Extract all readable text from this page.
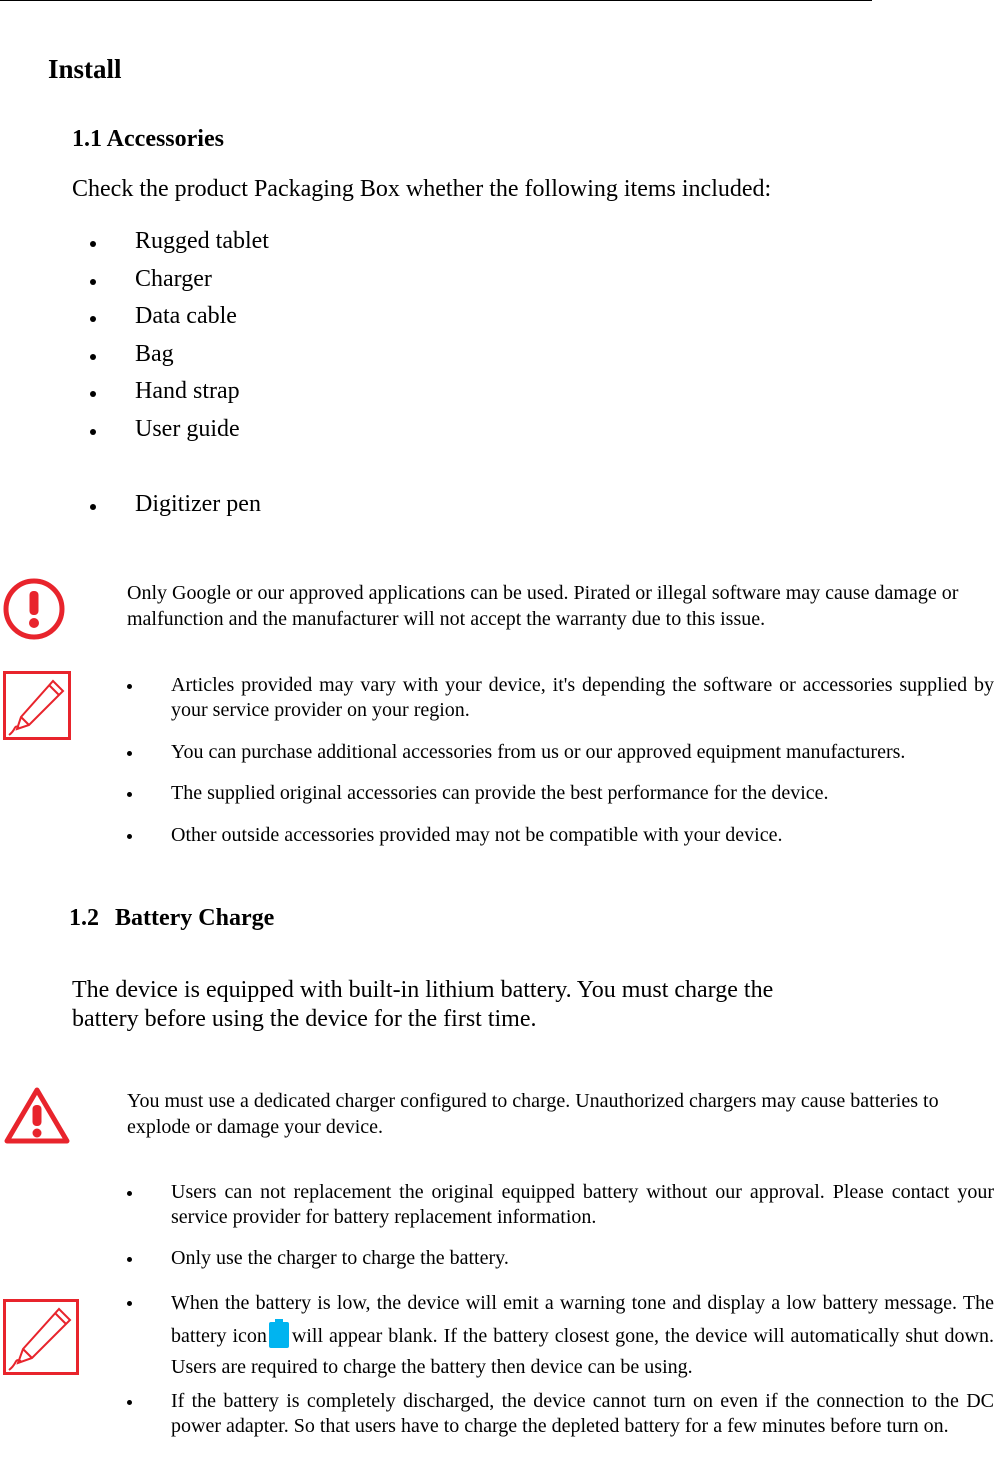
Install
1.1 Accessories
Check the product Packaging Box whether the following items included:
Rugged tablet
Charger
Data cable
Bag
Hand strap
User guide
Digitizer pen
Only Google or our approved applications can be used. Pirated or illegal software may cause damage or malfunction and the manufacturer will not accept the warranty due to this issue.
Articles provided may vary with your device, it's depending the software or accessories supplied by your service provider on your region.
You can purchase additional accessories from us or our approved equipment manufacturers.
The supplied original accessories can provide the best performance for the device.
Other outside accessories provided may not be compatible with your device.
1.2 Battery Charge
The device is equipped with built-in lithium battery. You must charge the
battery before using the device for the first time.
You must use a dedicated charger configured to charge. Unauthorized chargers may cause batteries to explode or damage your device.
Users can not replacement the original equipped battery without our approval. Please contact your service provider for battery replacement information.
Only use the charger to charge the battery.
When the battery is low, the device will emit a warning tone and display a low battery message. The battery icon will appear blank. If the battery closest gone, the device will automatically shut down. Users are required to charge the battery then device can be using.
If the battery is completely discharged, the device cannot turn on even if the connection to the DC power adapter. So that users have to charge the depleted battery for a few minutes before turn on.
